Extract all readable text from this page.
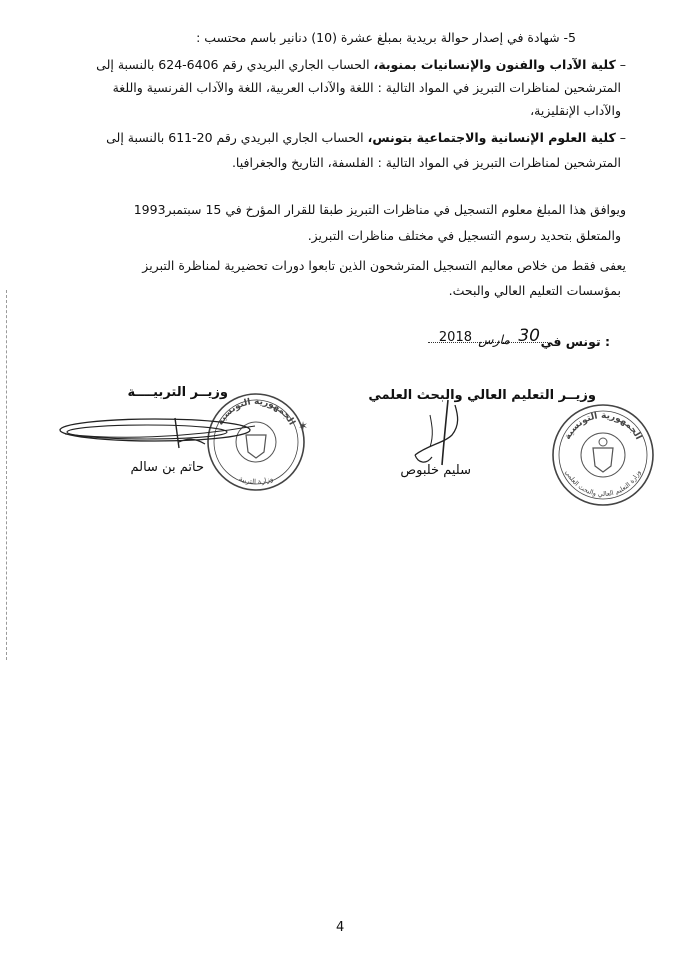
5- شهادة في إصدار حوالة بريدية بمبلغ عشرة (10) دنانير باسم محتسب :
– كلية الآداب والفنون والإنسانيات بمنوبة، الحساب الجاري البريدي رقم 6406-624 بالنسبة إلى
المترشحين لمناظرات التبريز في المواد التالية : اللغة والآداب العربية، اللغة والآداب الفرنسية واللغة
والآداب الإنقليزية،
– كلية العلوم الإنسانية والاجتماعية بتونس، الحساب الجاري البريدي رقم 20-611 بالنسبة إلى
المترشحين لمناظرات التبريز في المواد التالية : الفلسفة، التاريخ والجغرافيا.
ويوافق هذا المبلغ معلوم التسجيل في مناظرات التبريز طبقا للقرار المؤرخ في 15 سبتمبر1993
والمتعلق بتحديد رسوم التسجيل في مختلف مناظرات التبريز.
يعفى فقط من خلاص معاليم التسجيل المترشحون الذين تابعوا دورات تحضيرية لمناظرة التبريز
بمؤسسات التعليم العالي والبحث.
تونس في :
30
مارس
2018
وزيــر التعليم العالي والبحث العلمي
الجمهورية التونسية
وزارة التعليم العالي والبحث العلمي
سليم خلبوص
وزيــر التربيــــة
الجمهورية التونسية
وزارة التربية
✶
حاتم بن سالم
4
